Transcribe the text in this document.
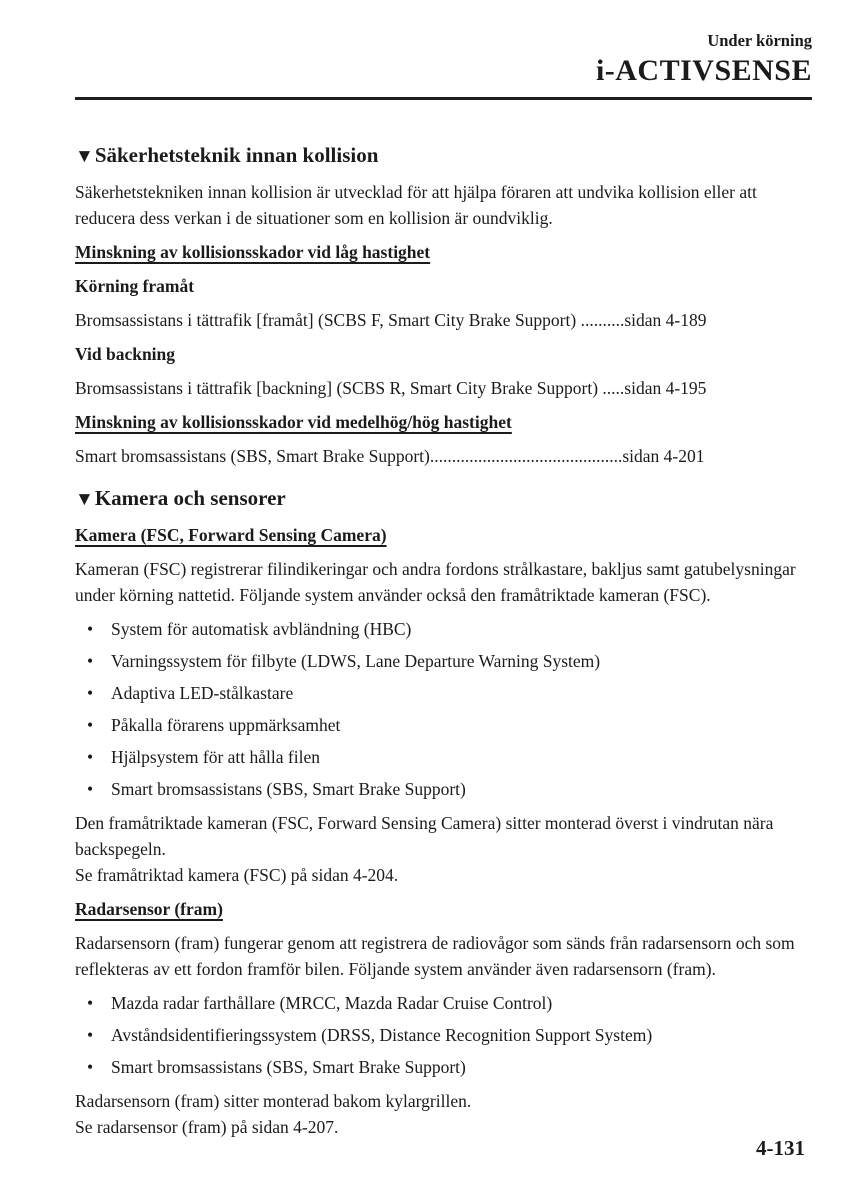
Under körning
i-ACTIVSENSE
▼Säkerhetsteknik innan kollision
Säkerhetstekniken innan kollision är utvecklad för att hjälpa föraren att undvika kollision eller att reducera dess verkan i de situationer som en kollision är oundviklig.
Minskning av kollisionsskador vid låg hastighet
Körning framåt
Bromsassistans i tättrafik [framåt] (SCBS F, Smart City Brake Support) ..........sidan 4-189
Vid backning
Bromsassistans i tättrafik [backning] (SCBS R, Smart City Brake Support) .....sidan 4-195
Minskning av kollisionsskador vid medelhög/hög hastighet
Smart bromsassistans (SBS, Smart Brake Support)............................................sidan 4-201
▼Kamera och sensorer
Kamera (FSC, Forward Sensing Camera)
Kameran (FSC) registrerar filindikeringar och andra fordons strålkastare, bakljus samt gatubelysningar under körning nattetid. Följande system använder också den framåtriktade kameran (FSC).
• System för automatisk avbländning (HBC)
• Varningssystem för filbyte (LDWS, Lane Departure Warning System)
• Adaptiva LED-stålkastare
• Påkalla förarens uppmärksamhet
• Hjälpsystem för att hålla filen
• Smart bromsassistans (SBS, Smart Brake Support)
Den framåtriktade kameran (FSC, Forward Sensing Camera) sitter monterad överst i vindrutan nära backspegeln.
Se framåtriktad kamera (FSC) på sidan 4-204.
Radarsensor (fram)
Radarsensorn (fram) fungerar genom att registrera de radiovågor som sänds från radarsensorn och som reflekteras av ett fordon framför bilen. Följande system använder även radarsensorn (fram).
• Mazda radar farthållare (MRCC, Mazda Radar Cruise Control)
• Avståndsidentifieringssystem (DRSS, Distance Recognition Support System)
• Smart bromsassistans (SBS, Smart Brake Support)
Radarsensorn (fram) sitter monterad bakom kylargrillen.
Se radarsensor (fram) på sidan 4-207.
4-131
